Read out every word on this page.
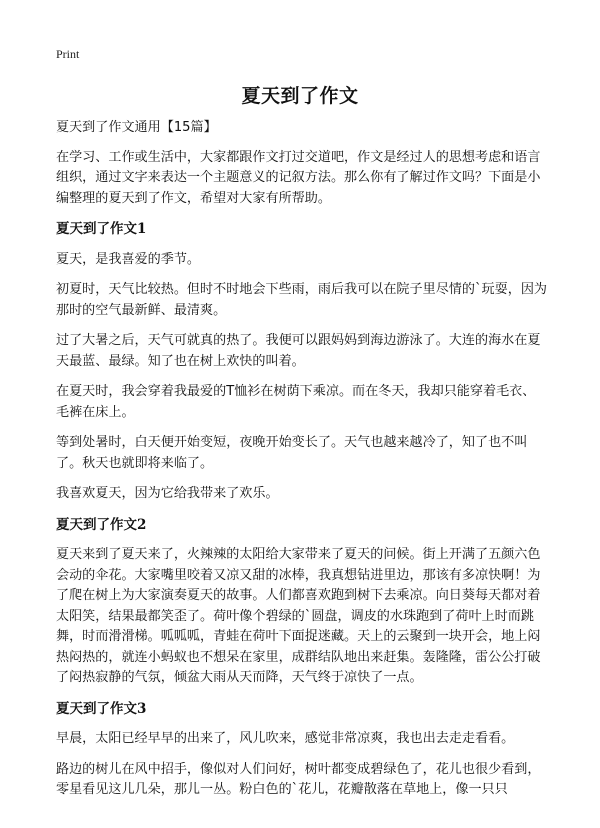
Print
夏天到了作文

夏天到了作文通用【15篇】

在学习、工作或生活中，大家都跟作文打过交道吧，作文是经过人的思想考虑和语言组织，通过文字来表达一个主题意义的记叙方法。那么你有了解过作文吗？下面是小编整理的夏天到了作文，希望对大家有所帮助。

夏天到了作文1

夏天，是我喜爱的季节。

初夏时，天气比较热。但时不时地会下些雨，雨后我可以在院子里尽情的`玩耍，因为那时的空气最新鲜、最清爽。

过了大暑之后，天气可就真的热了。我便可以跟妈妈到海边游泳了。大连的海水在夏天最蓝、最绿。知了也在树上欢快的叫着。

在夏天时，我会穿着我最爱的T恤衫在树荫下乘凉。而在冬天，我却只能穿着毛衣、毛裤在床上。

等到处暑时，白天便开始变短，夜晚开始变长了。天气也越来越冷了，知了也不叫了。秋天也就即将来临了。

我喜欢夏天，因为它给我带来了欢乐。

夏天到了作文2

夏天来到了夏天来了，火辣辣的太阳给大家带来了夏天的问候。街上开满了五颜六色会动的伞花。大家嘴里咬着又凉又甜的冰棒，我真想钻进里边，那该有多凉快啊！为了爬在树上为大家演奏夏天的故事。人们都喜欢跑到树下去乘凉。向日葵每天都对着太阳笑，结果最都笑歪了。荷叶像个碧绿的`圆盘，调皮的水珠跑到了荷叶上时而跳舞，时而滑滑梯。呱呱呱，青蛙在荷叶下面捉迷藏。天上的云聚到一块开会，地上闷热闷热的，就连小蚂蚁也不想呆在家里，成群结队地出来赶集。轰隆隆，雷公公打破了闷热寂静的气氛，倾盆大雨从天而降，天气终于凉快了一点。

夏天到了作文3

早晨，太阳已经早早的出来了，风儿吹来，感觉非常凉爽，我也出去走走看看。

路边的树儿在风中招手，像似对人们问好，树叶都变成碧绿色了，花儿也很少看到，零星看见这儿几朵，那儿一丛。粉白色的`花儿，花瓣散落在草地上，像一只只
